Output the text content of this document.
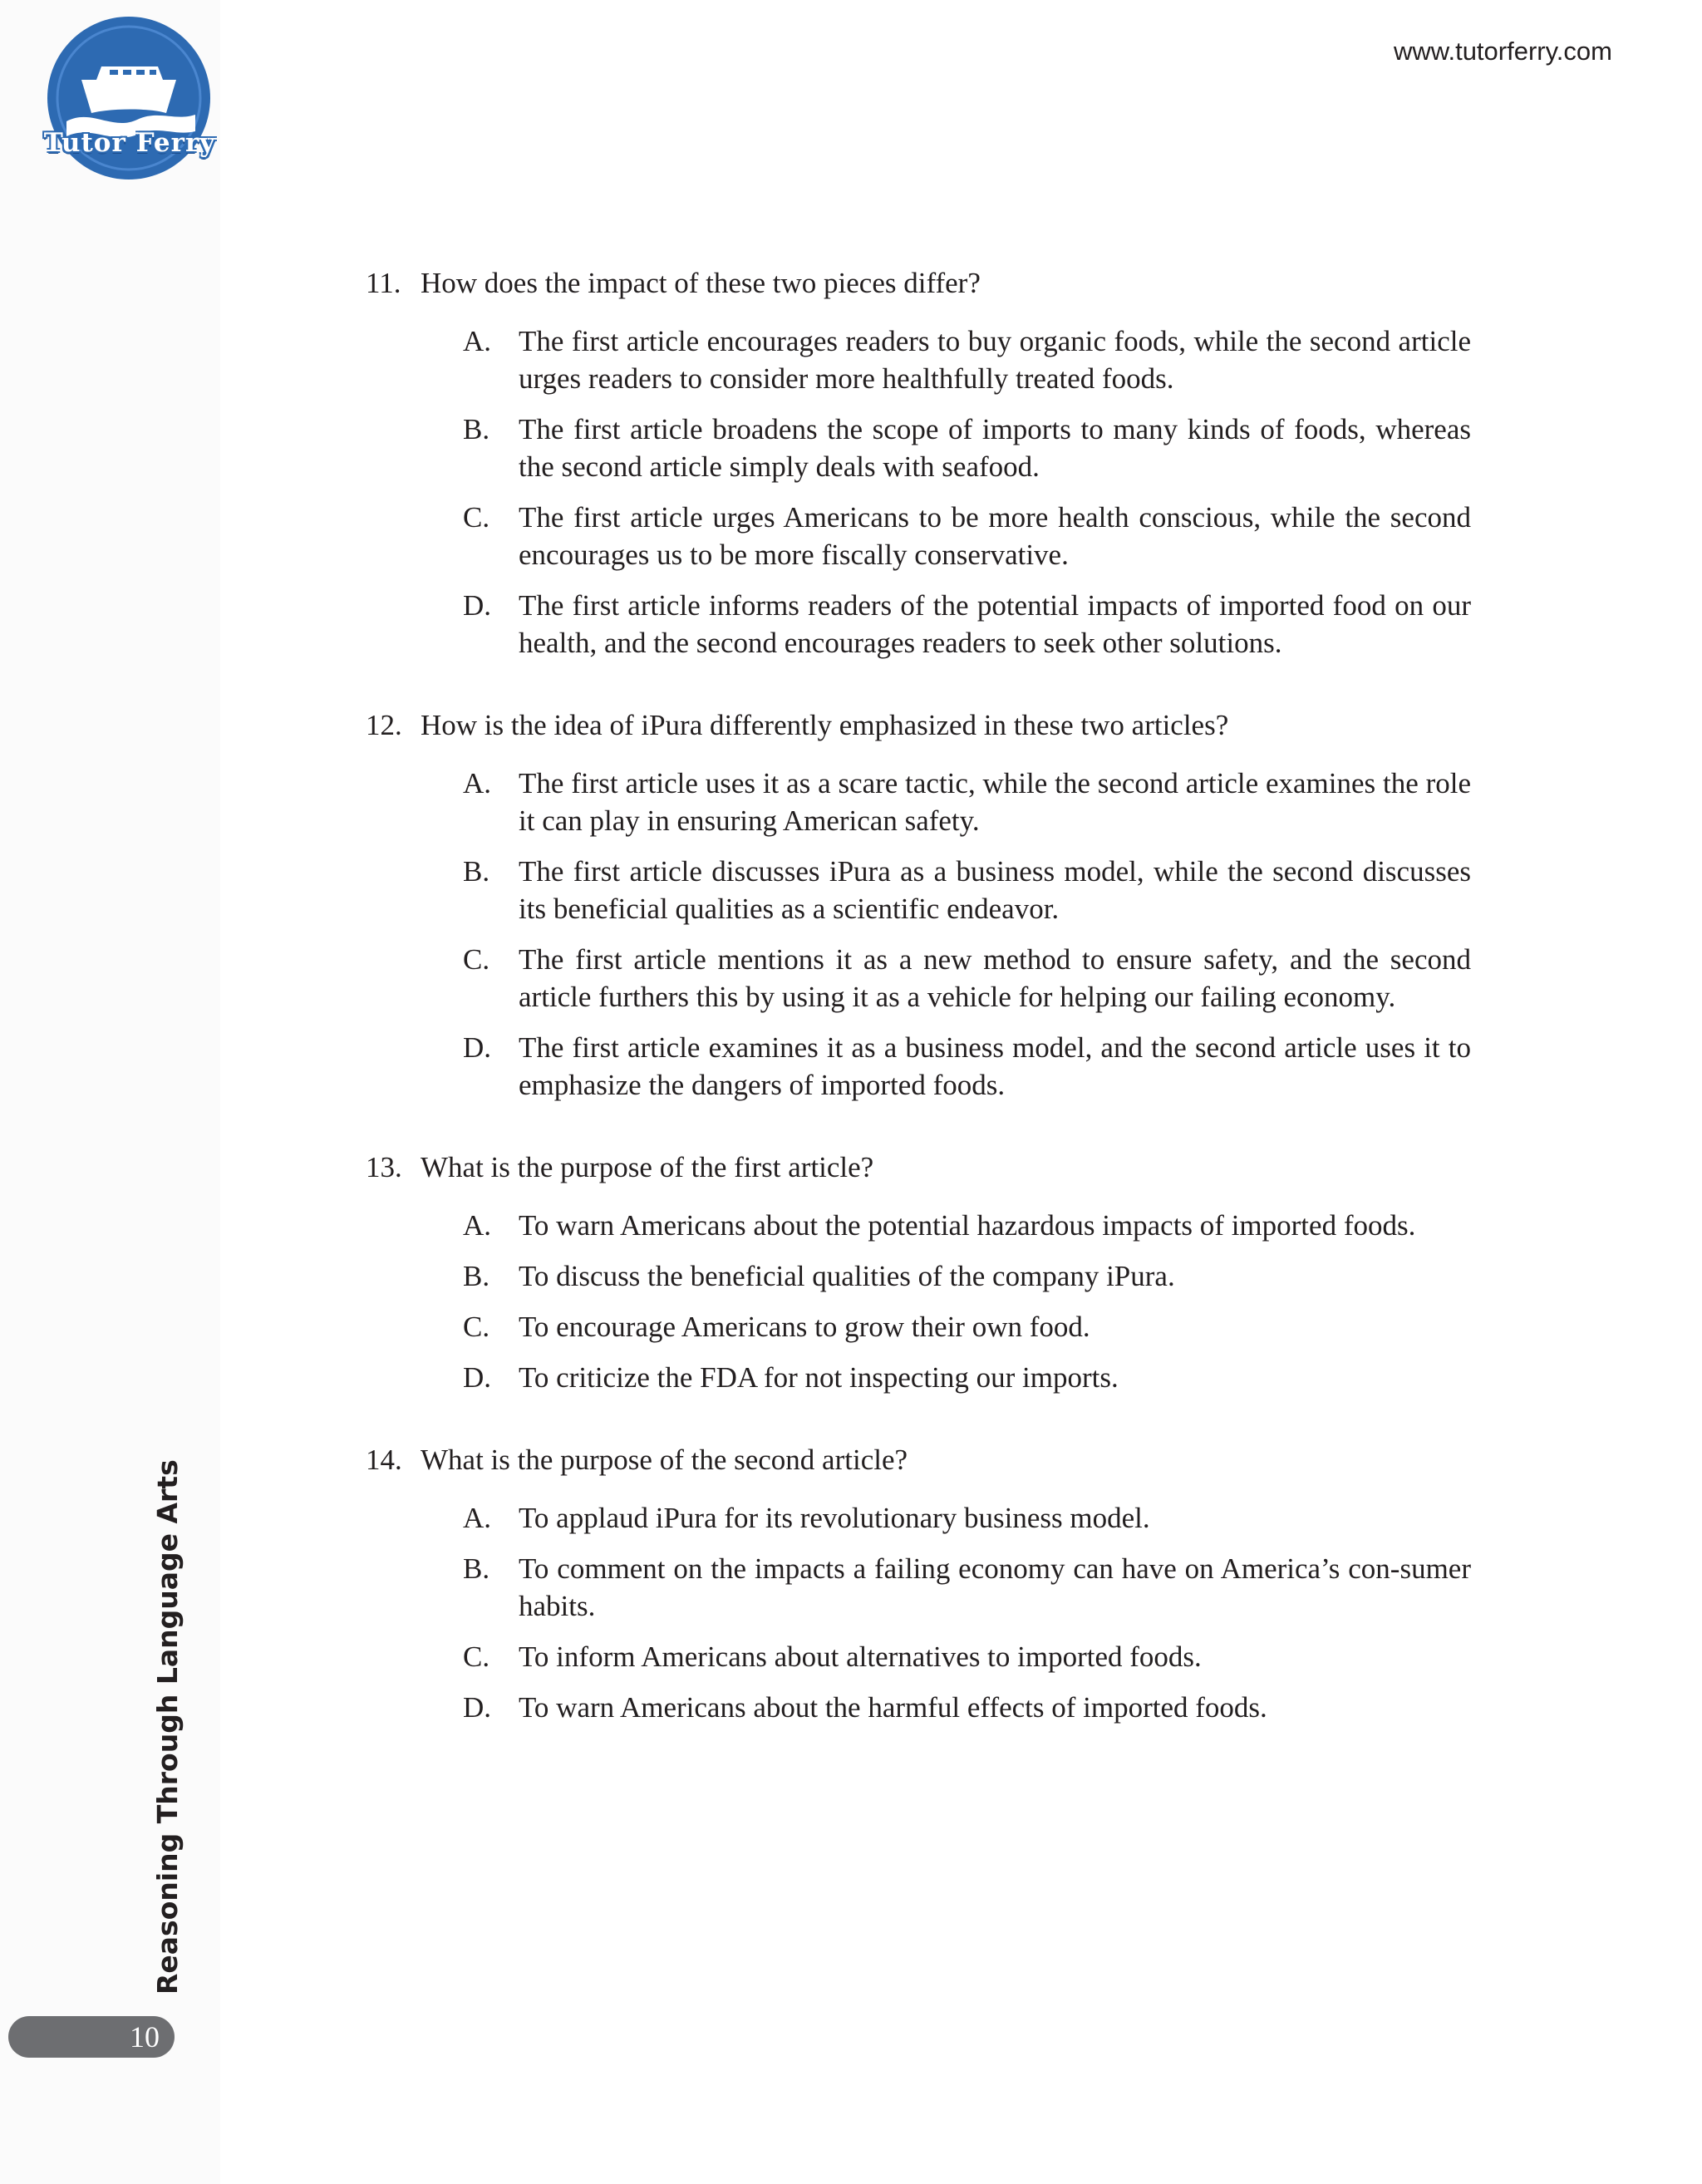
Tutor Ferry
www.tutorferry.com
Reasoning Through Language Arts
10
11. How does the impact of these two pieces differ?
A. The first article encourages readers to buy organic foods, while the second article urges readers to consider more healthfully treated foods.
B. The first article broadens the scope of imports to many kinds of foods, whereas the second article simply deals with seafood.
C. The first article urges Americans to be more health conscious, while the second encourages us to be more fiscally conservative.
D. The first article informs readers of the potential impacts of imported food on our health, and the second encourages readers to seek other solutions.
12. How is the idea of iPura differently emphasized in these two articles?
A. The first article uses it as a scare tactic, while the second article examines the role it can play in ensuring American safety.
B. The first article discusses iPura as a business model, while the second discusses its beneficial qualities as a scientific endeavor.
C. The first article mentions it as a new method to ensure safety, and the second article furthers this by using it as a vehicle for helping our failing economy.
D. The first article examines it as a business model, and the second article uses it to emphasize the dangers of imported foods.
13. What is the purpose of the first article?
A. To warn Americans about the potential hazardous impacts of imported foods.
B. To discuss the beneficial qualities of the company iPura.
C. To encourage Americans to grow their own food.
D. To criticize the FDA for not inspecting our imports.
14. What is the purpose of the second article?
A. To applaud iPura for its revolutionary business model.
B. To comment on the impacts a failing economy can have on America’s con-sumer habits.
C. To inform Americans about alternatives to imported foods.
D. To warn Americans about the harmful effects of imported foods.
